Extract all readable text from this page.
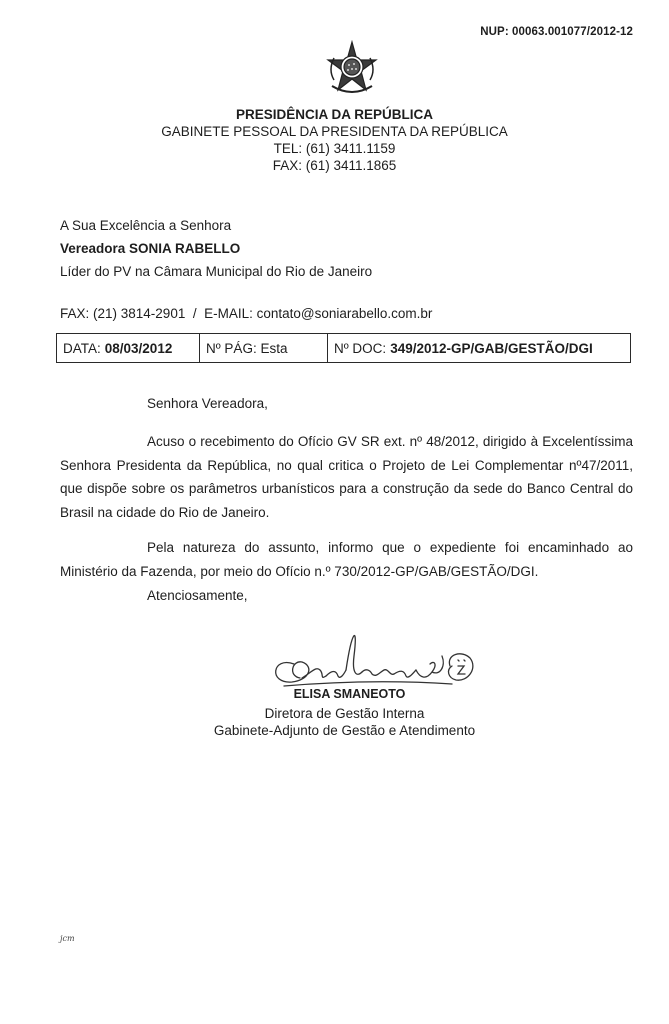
NUP: 00063.001077/2012-12
PRESIDÊNCIA DA REPÚBLICA
GABINETE PESSOAL DA PRESIDENTA DA REPÚBLICA
TEL: (61) 3411.1159
FAX: (61) 3411.1865
A Sua Excelência a Senhora
Vereadora SONIA RABELLO
Líder do PV na Câmara Municipal do Rio de Janeiro
FAX: (21) 3814-2901  /  E-MAIL: contato@soniarabello.com.br
DATA: 08/03/2012 Nº PÁG: Esta	Nº DOC: 349/2012-GP/GAB/GESTÃO/DGI
Senhora Vereadora,
Acuso o recebimento do Ofício GV SR ext. nº 48/2012, dirigido à Excelentíssima Senhora Presidenta da República, no qual critica o Projeto de Lei Complementar nº47/2011, que dispõe sobre os parâmetros urbanísticos para a construção da sede do Banco Central do Brasil na cidade do Rio de Janeiro.
Pela natureza do assunto, informo que o expediente foi encaminhado ao Ministério da Fazenda, por meio do Ofício n.º 730/2012-GP/GAB/GESTÃO/DGI.
Atenciosamente,
ELISA SMANEOTO
Diretora de Gestão Interna
Gabinete-Adjunto de Gestão e Atendimento
jcm
